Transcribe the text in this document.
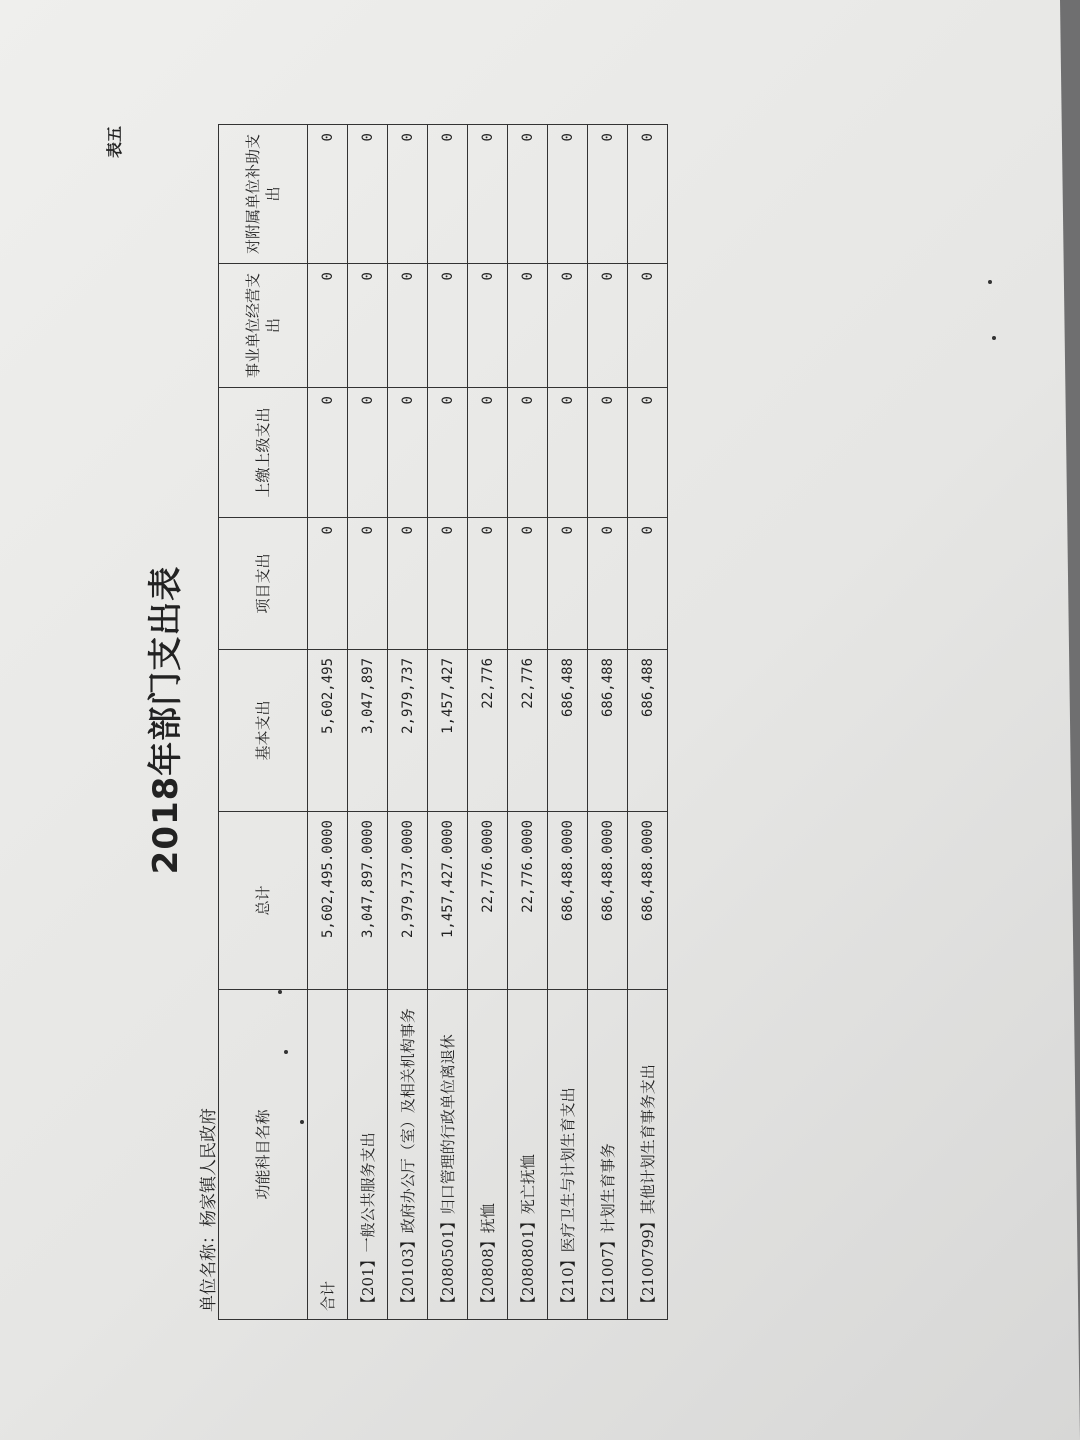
表五
2018年部门支出表
单位名称：杨家镇人民政府 功能科目名称	总计	基本支出	项目支出	上缴上级支出	事业单位经营支出	对附属单位补助支出
合计	5,602,495.0000	5,602,495	0	0	0	0
【201】一般公共服务支出	3,047,897.0000	3,047,897	0	0	0	0
【20103】政府办公厅（室）及相关机构事务	2,979,737.0000	2,979,737	0	0	0	0
【2080501】归口管理的行政单位离退休	1,457,427.0000	1,457,427	0	0	0	0
【20808】抚恤	22,776.0000	22,776	0	0	0	0
【2080801】死亡抚恤	22,776.0000	22,776	0	0	0	0
【210】医疗卫生与计划生育支出	686,488.0000	686,488	0	0	0	0
【21007】计划生育事务	686,488.0000	686,488	0	0	0	0
【2100799】其他计划生育事务支出	686,488.0000	686,488	0	0	0	0
